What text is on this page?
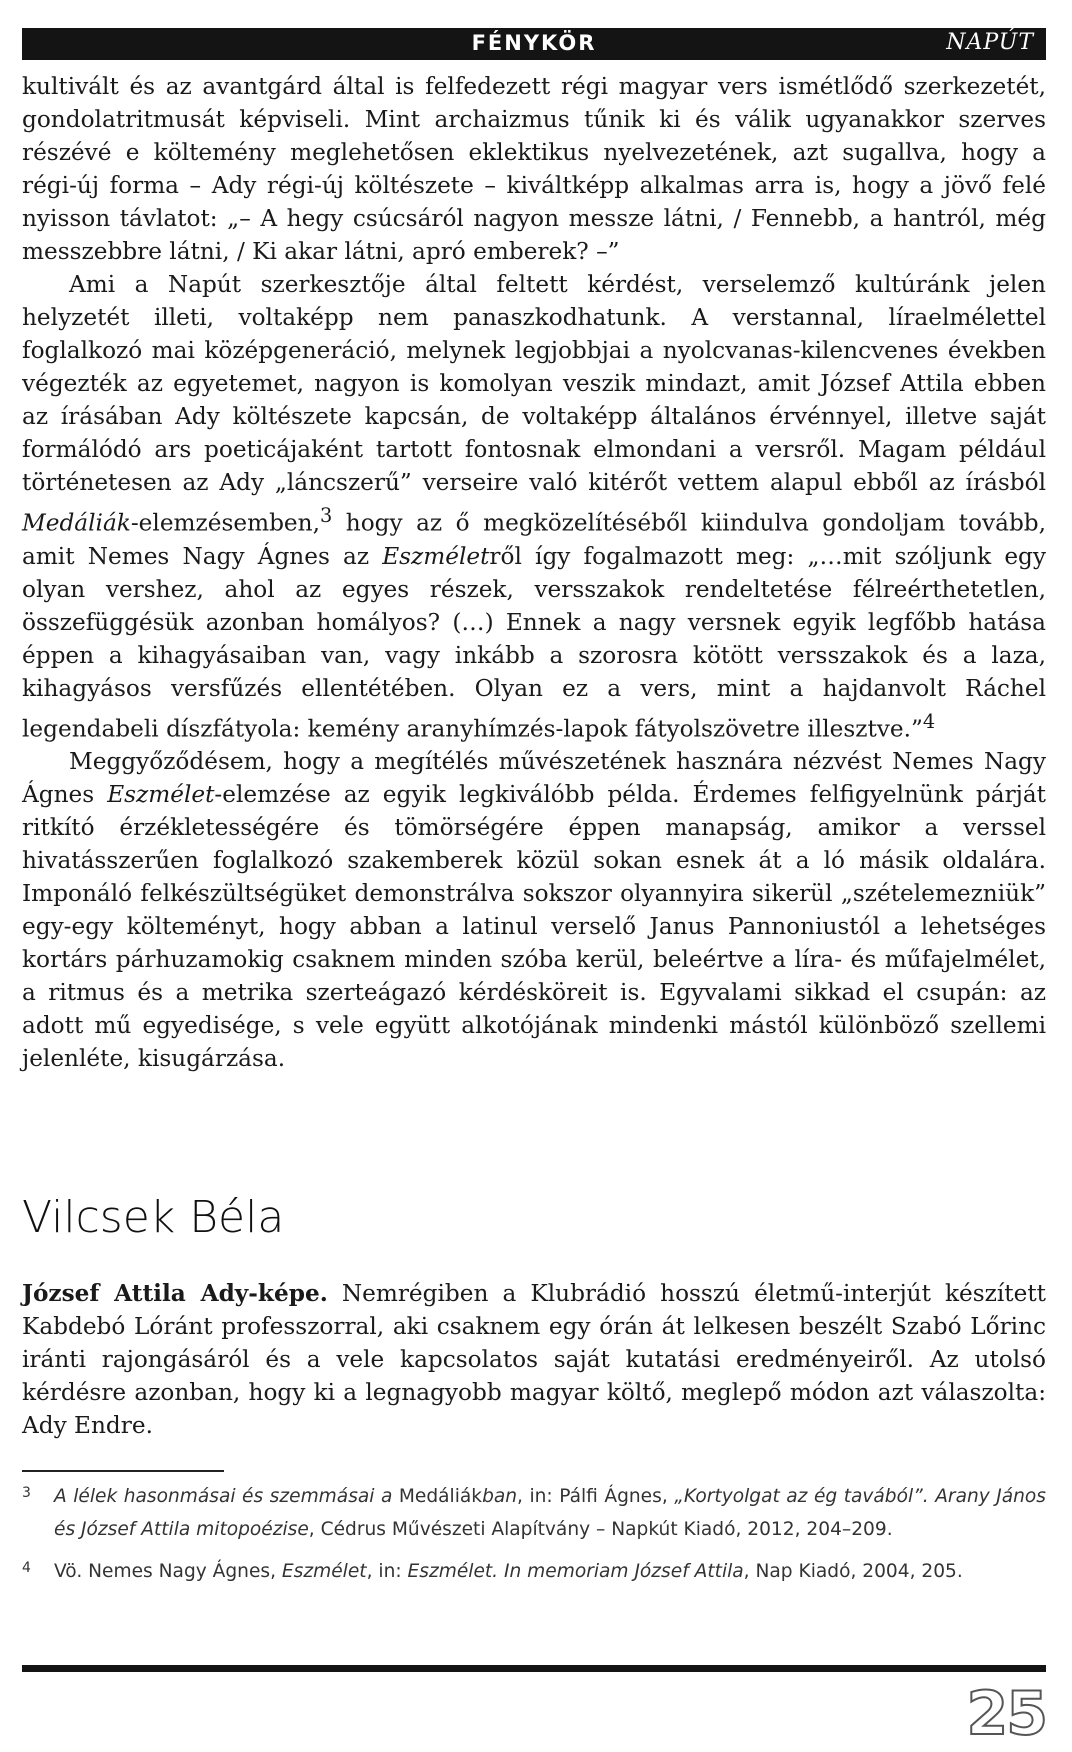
FÉNYKÖR	NAPÚT

kultivált és az avantgárd által is felfedezett régi magyar vers ismétlődő szerkezetét, gondolatritmusát képviseli. Mint archaizmus tűnik ki és válik ugyanakkor szerves részévé e költemény meglehetősen eklektikus nyelvezetének, azt sugallva, hogy a régi-új forma – Ady régi-új költészete – kiváltképp alkalmas arra is, hogy a jövő felé nyisson távlatot: „– A hegy csúcsáról nagyon messze látni, / Fennebb, a hantról, még messzebbre látni, / Ki akar látni, apró emberek? –”

Ami a Napút szerkesztője által feltett kérdést, verselemző kultúránk jelen helyzetét illeti, voltaképp nem panaszkodhatunk. A verstannal, líraelmélettel foglalkozó mai középgeneráció, melynek legjobbjai a nyolcvanas-kilencvenes években végezték az egyetemet, nagyon is komolyan veszik mindazt, amit József Attila ebben az írásában Ady költészete kapcsán, de voltaképp általános érvénnyel, illetve saját formálódó ars poeticájaként tartott fontosnak elmondani a versről. Magam például történetesen az Ady „láncszerű” verseire való kitérőt vettem alapul ebből az írásból Medáliák-elemzésemben,$^3$ hogy az ő megközelítéséből kiindulva gondoljam tovább, amit Nemes Nagy Ágnes az Eszméletről így fogalmazott meg: „…mit szóljunk egy olyan vershez, ahol az egyes részek, versszakok rendeltetése félreérthetetlen, összefüggésük azonban homályos? (…) Ennek a nagy versnek egyik legfőbb hatása éppen a kihagyásaiban van, vagy inkább a szorosra kötött versszakok és a laza, kihagyásos versfűzés ellentétében. Olyan ez a vers, mint a hajdanvolt Ráchel legendabeli díszfátyola: kemény aranyhímzés-lapok fátyolszövetre illesztve.”$^4$

Meggyőződésem, hogy a megítélés művészetének hasznára nézvést Nemes Nagy Ágnes Eszmélet-elemzése az egyik legkiválóbb példa. Érdemes felfigyelnünk párját ritkító érzékletességére és tömörségére éppen manapság, amikor a verssel hivatásszerűen foglalkozó szakemberek közül sokan esnek át a ló másik oldalára. Imponáló felkészültségüket demonstrálva sokszor olyannyira sikerül „szételemezniük” egy-egy költeményt, hogy abban a latinul verselő Janus Pannoniustól a lehetséges kortárs párhuzamokig csaknem minden szóba kerül, beleértve a líra- és műfajelmélet, a ritmus és a metrika szerteágazó kérdésköreit is. Egyvalami sikkad el csupán: az adott mű egyedisége, s vele együtt alkotójának mindenki mástól különböző szellemi jelenléte, kisugárzása.

Vilcsek Béla
József Attila Ady-képe. Nemrégiben a Klubrádió hosszú életmű-interjút készített Kabdebó Lóránt professzorral, aki csaknem egy órán át lelkesen beszélt Szabó Lőrinc iránti rajongásáról és a vele kapcsolatos saját kutatási eredményeiről. Az utolsó kérdésre azonban, hogy ki a legnagyobb magyar költő, meglepő módon azt válaszolta: Ady Endre.
3	A lélek hasonmásai és szemmásai a Medáliákban, in: Pálfi Ágnes, „Kortyolgat az ég tavából”. Arany János és József Attila mitopoézise, Cédrus Művészeti Alapítvány – Napkút Kiadó, 2012, 204–209.
4	Vö. Nemes Nagy Ágnes, Eszmélet, in: Eszmélet. In memoriam József Attila, Nap Kiadó, 2004, 205.
25
